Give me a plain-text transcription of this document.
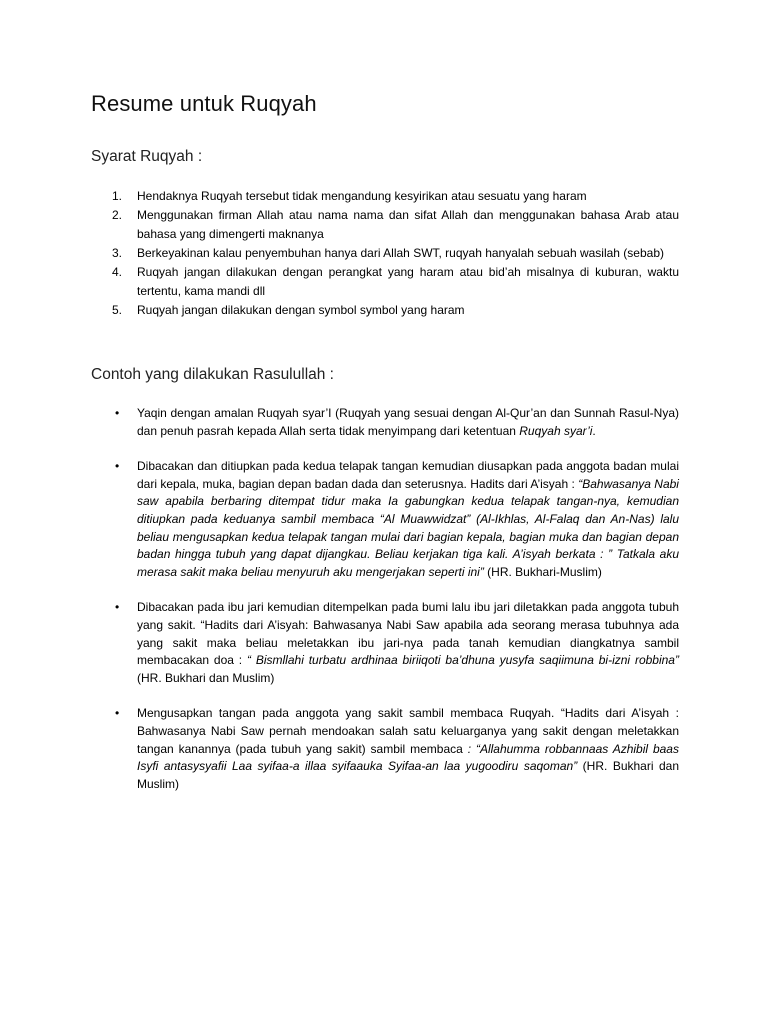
Resume untuk Ruqyah
Syarat Ruqyah :
1. Hendaknya Ruqyah tersebut tidak mengandung kesyirikan atau sesuatu yang haram
2. Menggunakan firman Allah atau nama nama dan sifat Allah dan menggunakan bahasa Arab atau bahasa yang dimengerti maknanya
3. Berkeyakinan kalau penyembuhan hanya dari Allah SWT, ruqyah hanyalah sebuah wasilah (sebab)
4. Ruqyah jangan dilakukan dengan perangkat yang haram atau bid’ah misalnya di kuburan, waktu tertentu, kama mandi dll
5. Ruqyah jangan dilakukan dengan symbol symbol yang haram
Contoh yang dilakukan Rasulullah :
• Yaqin dengan amalan Ruqyah syar’I (Ruqyah yang sesuai dengan Al-Qur’an dan Sunnah Rasul-Nya) dan penuh pasrah kepada Allah serta tidak menyimpang dari ketentuan Ruqyah syar’i.
• Dibacakan dan ditiupkan pada kedua telapak tangan kemudian diusapkan pada anggota badan mulai dari kepala, muka, bagian depan badan dada dan seterusnya. Hadits dari A’isyah : “Bahwasanya Nabi saw apabila berbaring ditempat tidur maka Ia gabungkan kedua telapak tangan-nya, kemudian ditiupkan pada keduanya sambil membaca “Al Muawwidzat” (Al-Ikhlas, Al-Falaq dan An-Nas) lalu beliau mengusapkan kedua telapak tangan mulai dari bagian kepala, bagian muka dan bagian depan badan hingga tubuh yang dapat dijangkau. Beliau kerjakan tiga kali. A’isyah berkata : ” Tatkala aku merasa sakit maka beliau menyuruh aku mengerjakan seperti ini” (HR. Bukhari-Muslim)
• Dibacakan pada ibu jari kemudian ditempelkan pada bumi lalu ibu jari diletakkan pada anggota tubuh yang sakit. “Hadits dari A’isyah: Bahwasanya Nabi Saw apabila ada seorang merasa tubuhnya ada yang sakit maka beliau meletakkan ibu jari-nya pada tanah kemudian diangkatnya sambil membacakan doa : “ Bismllahi turbatu ardhinaa biriiqoti ba’dhuna yusyfa saqiimuna bi-izni robbina” (HR. Bukhari dan Muslim)
• Mengusapkan tangan pada anggota yang sakit sambil membaca Ruqyah. “Hadits dari A’isyah : Bahwasanya Nabi Saw pernah mendoakan salah satu keluarganya yang sakit dengan meletakkan tangan kanannya (pada tubuh yang sakit) sambil membaca : “Allahumma robbannaas Azhibil baas Isyfi antasysyafii Laa syifaa-a illaa syifaauka Syifaa-an laa yugoodiru saqoman” (HR. Bukhari dan Muslim)
